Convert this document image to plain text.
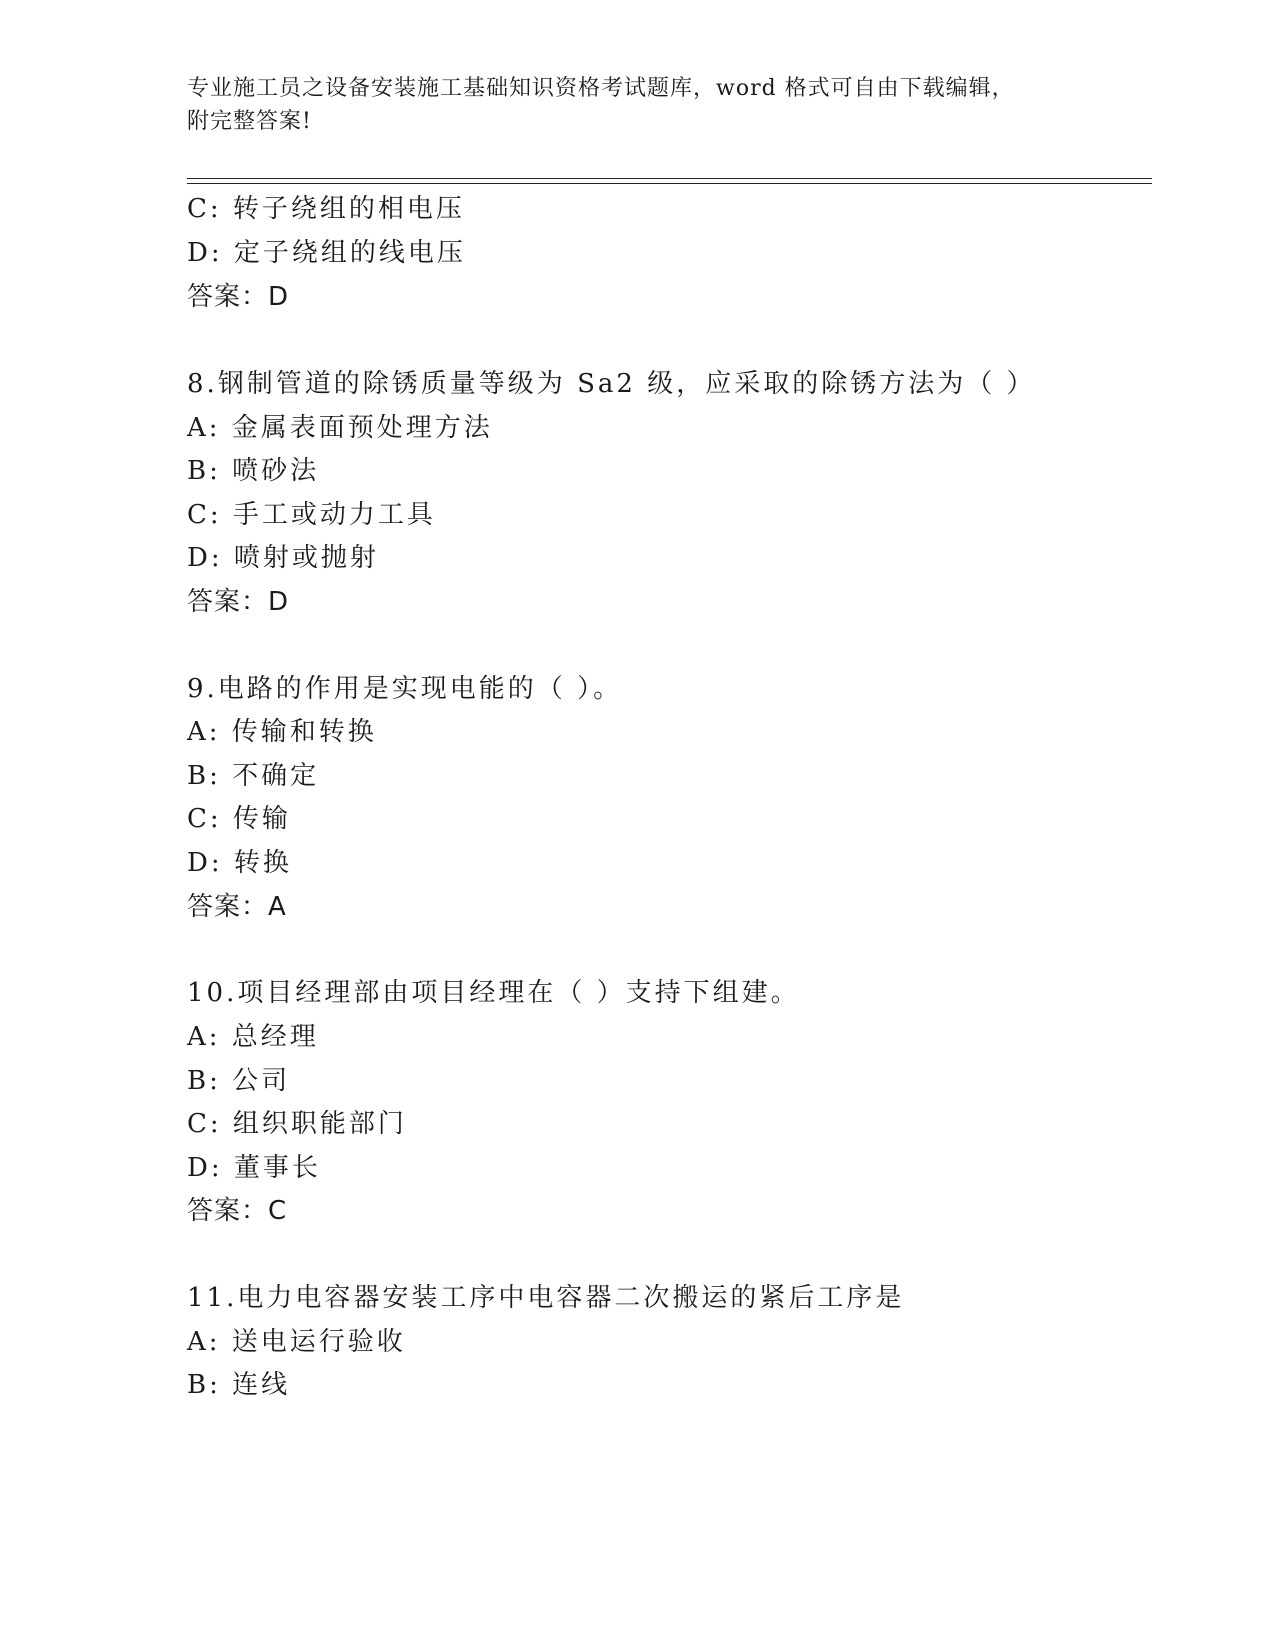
专业施工员之设备安装施工基础知识资格考试题库，word 格式可自由下载编辑，
附完整答案!
C: 转子绕组的相电压
D: 定子绕组的线电压
答案：D
8.钢制管道的除锈质量等级为 Sa2 级，应采取的除锈方法为（ ）
A: 金属表面预处理方法
B: 喷砂法
C: 手工或动力工具
D: 喷射或抛射
答案：D
9.电路的作用是实现电能的（ ）。
A: 传输和转换
B: 不确定
C: 传输
D: 转换
答案：A
10.项目经理部由项目经理在（ ）支持下组建。
A: 总经理
B: 公司
C: 组织职能部门
D: 董事长
答案：C
11.电力电容器安装工序中电容器二次搬运的紧后工序是
A: 送电运行验收
B: 连线
